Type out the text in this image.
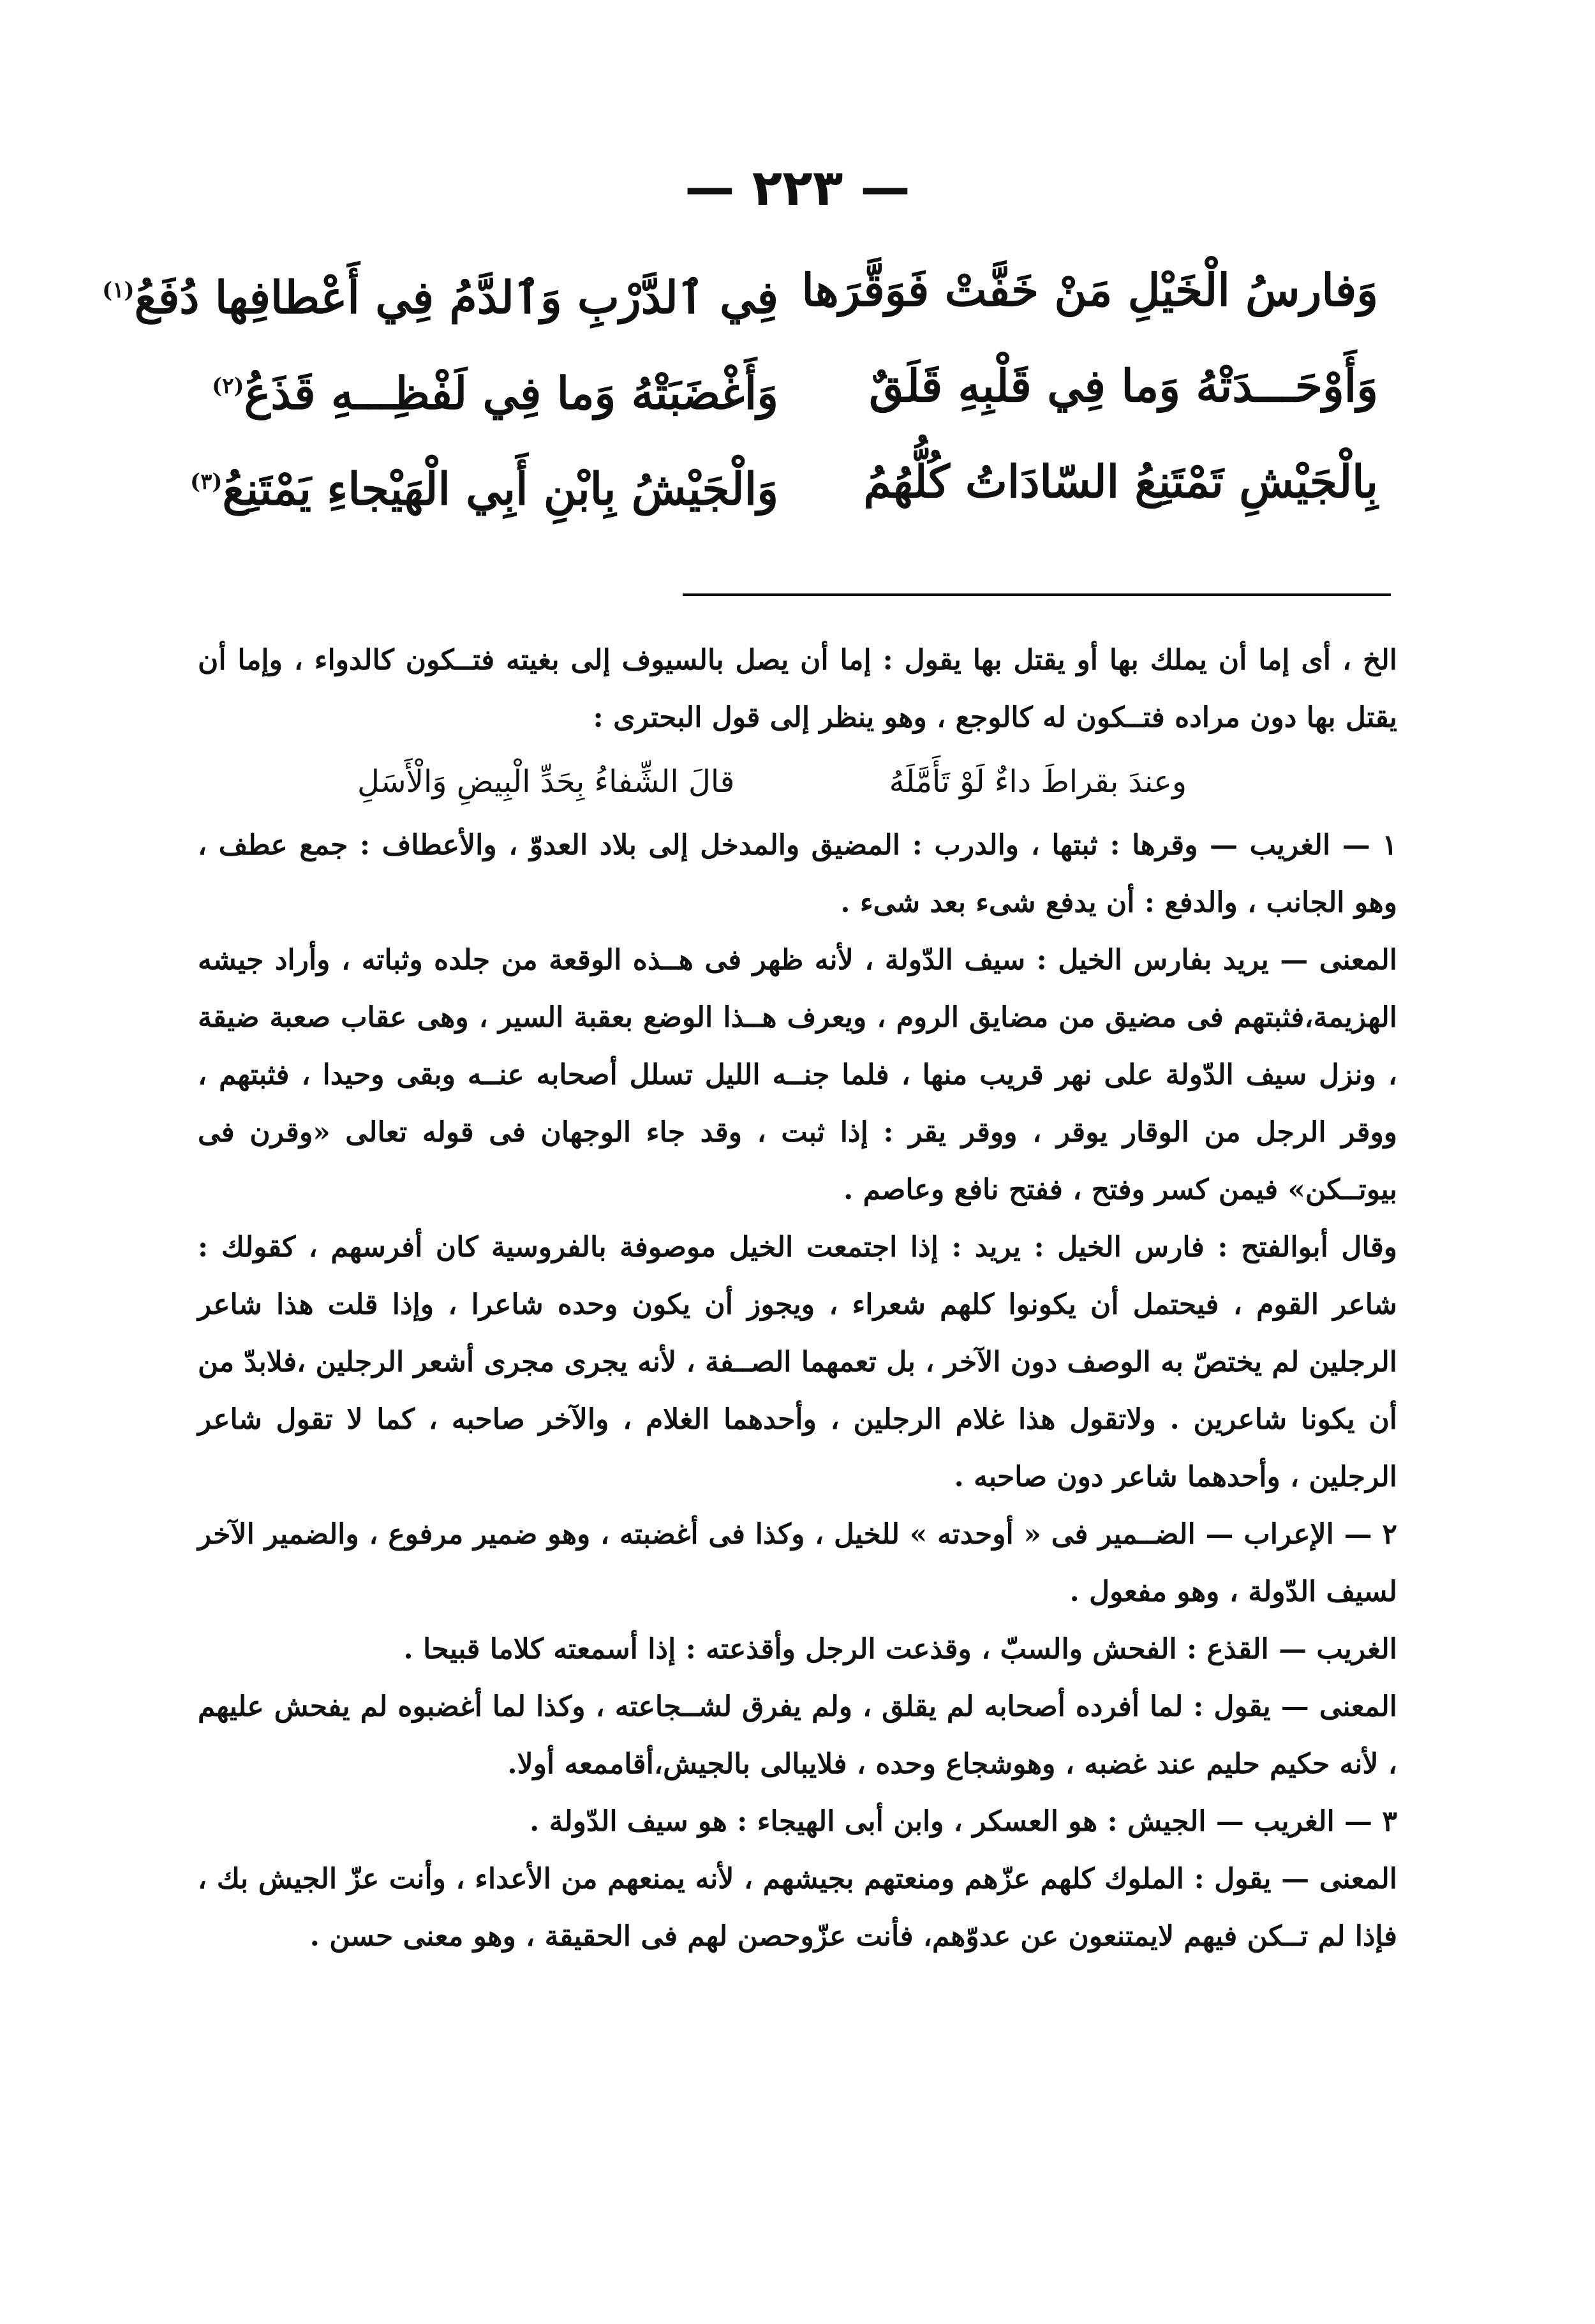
— ٢٢٣ —
وَفارسُ الْخَيْلِ مَنْ خَفَّتْ فَوَقَّرَها
فِي ٱلدَّرْبِ وَٱلدَّمُ فِي أَعْطافِها دُفَعُ$^{(١)}$
وَأَوْحَـــدَتْهُ وَما فِي قَلْبِهِ قَلَقٌ
وَأَغْضَبَتْهُ وَما فِي لَفْظِـــهِ قَذَعُ$^{(٢)}$
بِالْجَيْشِ تَمْتَنِعُ السّادَاتُ كُلُّهُمُ
وَالْجَيْشُ بِابْنِ أَبِي الْهَيْجاءِ يَمْتَنِعُ$^{(٣)}$

الخ ، أى إما أن يملك بها أو يقتل بها يقول : إما أن يصل بالسيوف إلى بغيته فتــكون كالدواء ، وإما أن يقتل بها دون مراده فتــكون له كالوجع ، وهو ينظر إلى قول البحترى :

وعندَ بقراطَ داءٌ لَوْ تَأَمَّلَهُ
قالَ الشِّفاءُ بِحَدِّ الْبِيضِ وَالْأَسَلِ

١ — الغريب — وقرها : ثبتها ، والدرب : المضيق والمدخل إلى بلاد العدوّ ، والأعطاف : جمع عطف ، وهو الجانب ، والدفع : أن يدفع شىء بعد شىء .

المعنى — يريد بفارس الخيل : سيف الدّولة ، لأنه ظهر فى هــذه الوقعة من جلده وثباته ، وأراد جيشه الهزيمة،فثبتهم فى مضيق من مضايق الروم ، ويعرف هــذا الوضع بعقبة السير ، وهى عقاب صعبة ضيقة ، ونزل سيف الدّولة على نهر قريب منها ، فلما جنــه الليل تسلل أصحابه عنــه وبقى وحيدا ، فثبتهم ، ووقر الرجل من الوقار يوقر ، ووقر يقر : إذا ثبت ، وقد جاء الوجهان فى قوله تعالى «وقرن فى بيوتــكن» فيمن كسر وفتح ، ففتح نافع وعاصم .

وقال أبوالفتح : فارس الخيل : يريد : إذا اجتمعت الخيل موصوفة بالفروسية كان أفرسهم ، كقولك : شاعر القوم ، فيحتمل أن يكونوا كلهم شعراء ، ويجوز أن يكون وحده شاعرا ، وإذا قلت هذا شاعر الرجلين لم يختصّ به الوصف دون الآخر ، بل تعمهما الصــفة ، لأنه يجرى مجرى أشعر الرجلين ،فلابدّ من أن يكونا شاعرين . ولاتقول هذا غلام الرجلين ، وأحدهما الغلام ، والآخر صاحبه ، كما لا تقول شاعر الرجلين ، وأحدهما شاعر دون صاحبه .

٢ — الإعراب — الضــمير فى « أوحدته » للخيل ، وكذا فى أغضبته ، وهو ضمير مرفوع ، والضمير الآخر لسيف الدّولة ، وهو مفعول .

الغريب — القذع : الفحش والسبّ ، وقذعت الرجل وأقذعته : إذا أسمعته كلاما قبيحا .

المعنى — يقول : لما أفرده أصحابه لم يقلق ، ولم يفرق لشــجاعته ، وكذا لما أغضبوه لم يفحش عليهم ، لأنه حكيم حليم عند غضبه ، وهوشجاع وحده ، فلايبالى بالجيش،أقاممعه أولا.

٣ — الغريب — الجيش : هو العسكر ، وابن أبى الهيجاء : هو سيف الدّولة .

المعنى — يقول : الملوك كلهم عزّهم ومنعتهم بجيشهم ، لأنه يمنعهم من الأعداء ، وأنت عزّ الجيش بك ، فإذا لم تــكن فيهم لايمتنعون عن عدوّهم، فأنت عزّوحصن لهم فى الحقيقة ، وهو معنى حسن .
